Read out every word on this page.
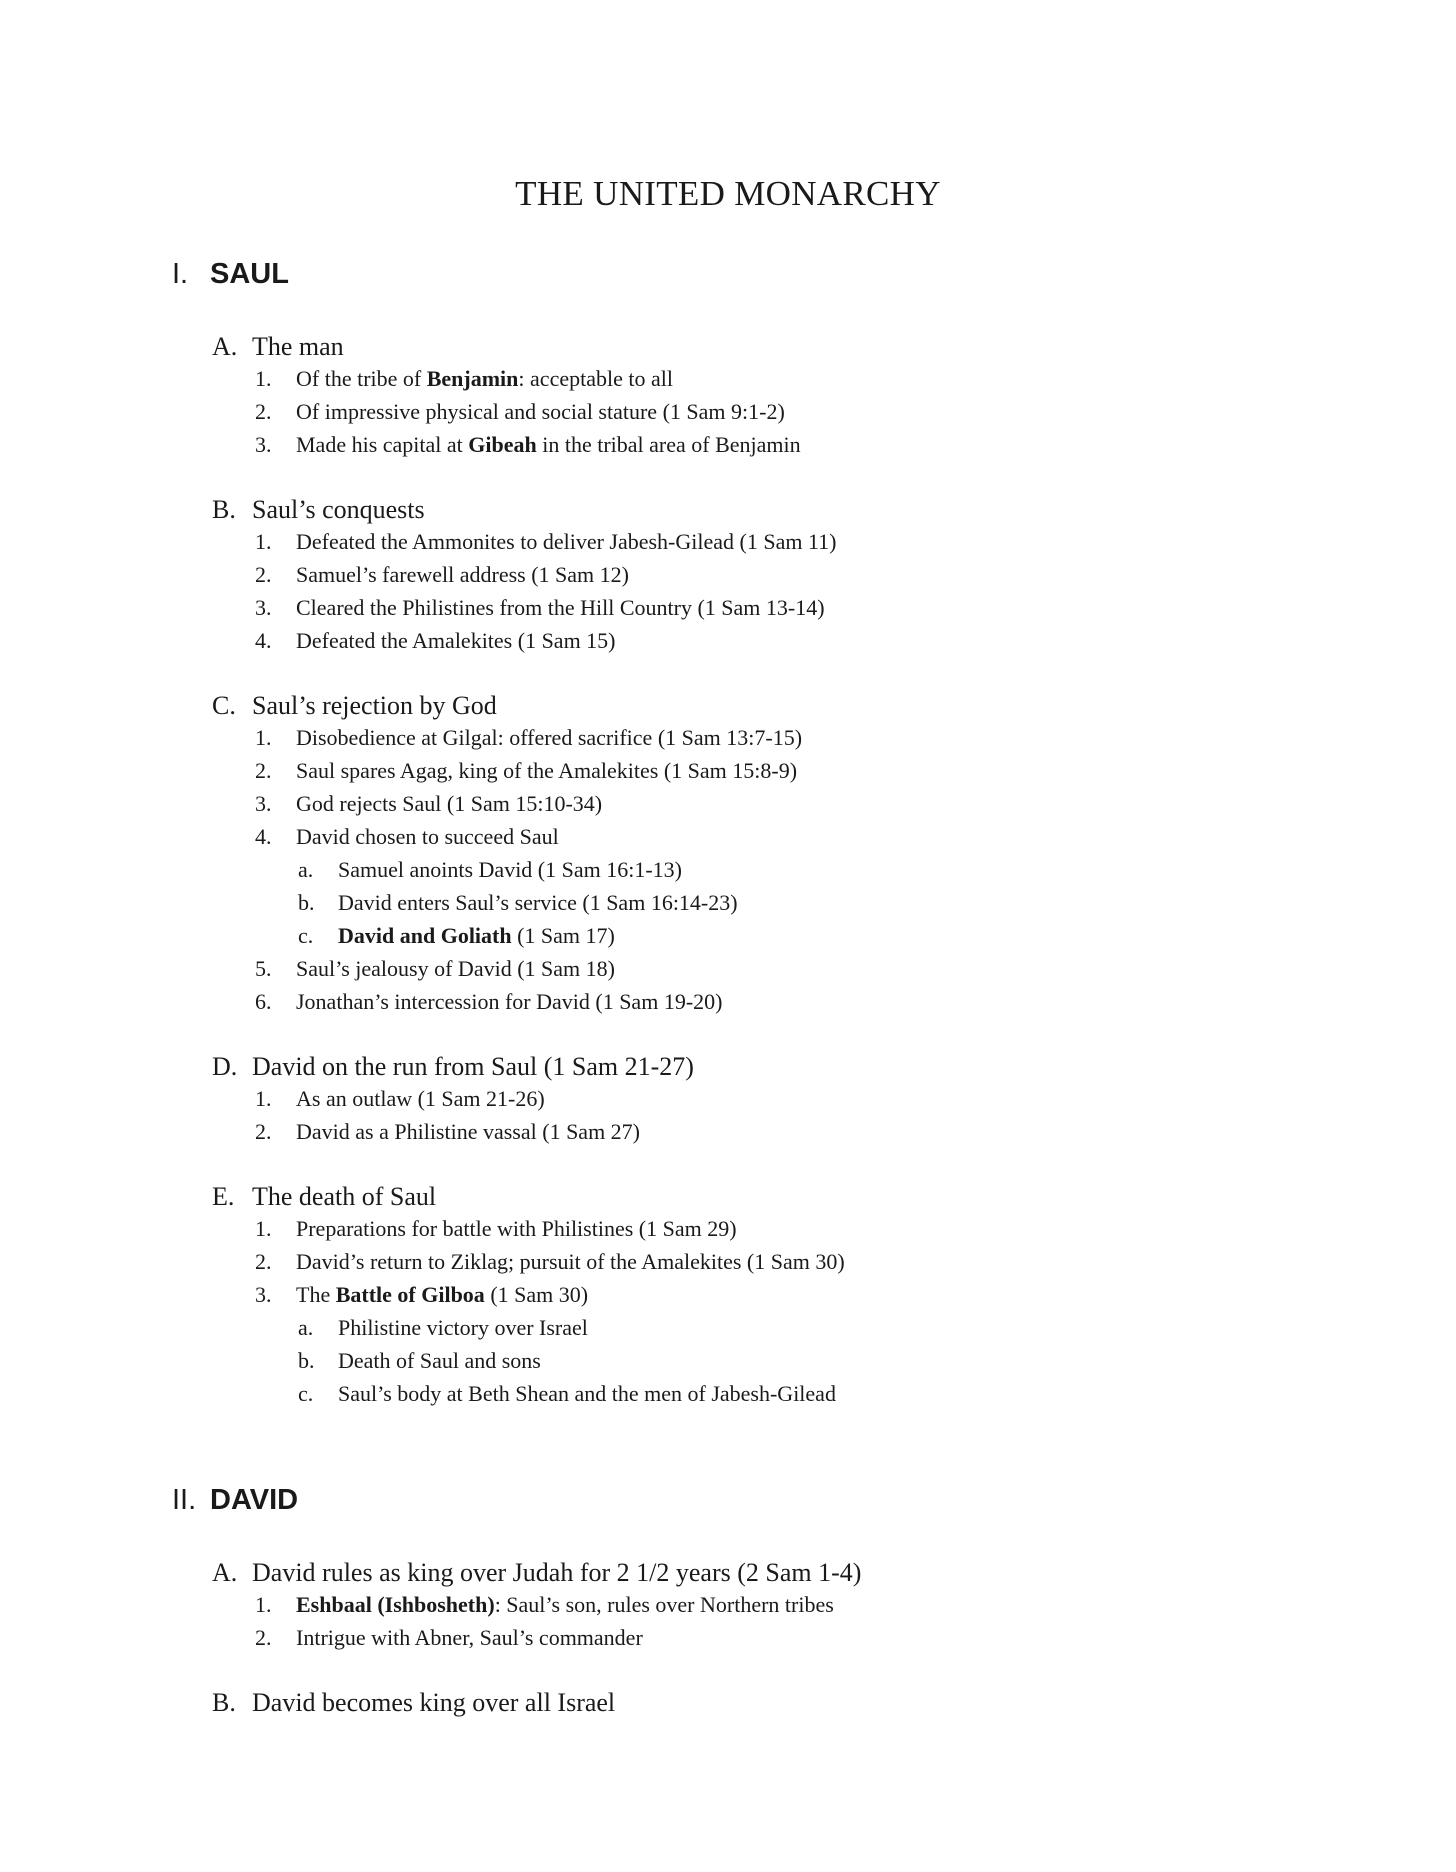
THE UNITED MONARCHY
I. SAUL
A. The man
1. Of the tribe of Benjamin: acceptable to all
2. Of impressive physical and social stature (1 Sam 9:1-2)
3. Made his capital at Gibeah in the tribal area of Benjamin
B. Saul’s conquests
1. Defeated the Ammonites to deliver Jabesh-Gilead (1 Sam 11)
2. Samuel’s farewell address (1 Sam 12)
3. Cleared the Philistines from the Hill Country (1 Sam 13-14)
4. Defeated the Amalekites (1 Sam 15)
C. Saul’s rejection by God
1. Disobedience at Gilgal: offered sacrifice (1 Sam 13:7-15)
2. Saul spares Agag, king of the Amalekites (1 Sam 15:8-9)
3. God rejects Saul (1 Sam 15:10-34)
4. David chosen to succeed Saul
a. Samuel anoints David (1 Sam 16:1-13)
b. David enters Saul’s service (1 Sam 16:14-23)
c. David and Goliath (1 Sam 17)
5. Saul’s jealousy of David (1 Sam 18)
6. Jonathan’s intercession for David (1 Sam 19-20)
D. David on the run from Saul (1 Sam 21-27)
1. As an outlaw (1 Sam 21-26)
2. David as a Philistine vassal (1 Sam 27)
E. The death of Saul
1. Preparations for battle with Philistines (1 Sam 29)
2. David’s return to Ziklag; pursuit of the Amalekites (1 Sam 30)
3. The Battle of Gilboa (1 Sam 30)
a. Philistine victory over Israel
b. Death of Saul and sons
c. Saul’s body at Beth Shean and the men of Jabesh-Gilead
II. DAVID
A. David rules as king over Judah for 2 1/2 years (2 Sam 1-4)
1. Eshbaal (Ishbosheth): Saul’s son, rules over Northern tribes
2. Intrigue with Abner, Saul’s commander
B. David becomes king over all Israel
